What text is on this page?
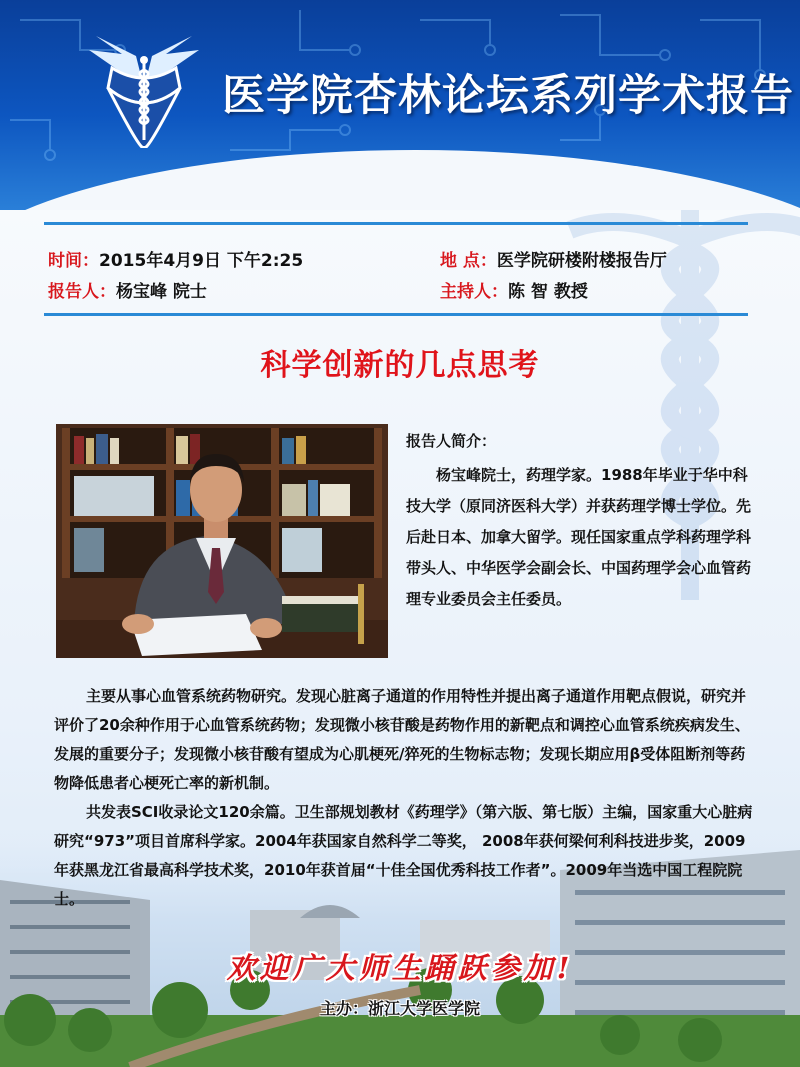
医学院杏林论坛系列学术报告
时间：2015年4月9日 下午2:25	地 点：医学院研楼附楼报告厅
报告人：杨宝峰 院士	主持人：陈 智 教授
科学创新的几点思考
报告人简介：

杨宝峰院士，药理学家。1988年毕业于华中科技大学（原同济医科大学）并获药理学博士学位。先后赴日本、加拿大留学。现任国家重点学科药理学科带头人、中华医学会副会长、中国药理学会心血管药理专业委员会主任委员。

主要从事心血管系统药物研究。发现心脏离子通道的作用特性并提出离子通道作用靶点假说，研究并评价了20余种作用于心血管系统药物；发现微小核苷酸是药物作用的新靶点和调控心血管系统疾病发生、发展的重要分子；发现微小核苷酸有望成为心肌梗死/猝死的生物标志物；发现长期应用β受体阻断剂等药物降低患者心梗死亡率的新机制。

共发表SCI收录论文120余篇。卫生部规划教材《药理学》（第六版、第七版）主编，国家重大心脏病研究“973”项目首席科学家。2004年获国家自然科学二等奖， 2008年获何梁何利科技进步奖，2009年获黑龙江省最高科学技术奖，2010年获首届“十佳全国优秀科技工作者”。2009年当选中国工程院院士。

欢迎广大师生踊跃参加!
主办：浙江大学医学院
